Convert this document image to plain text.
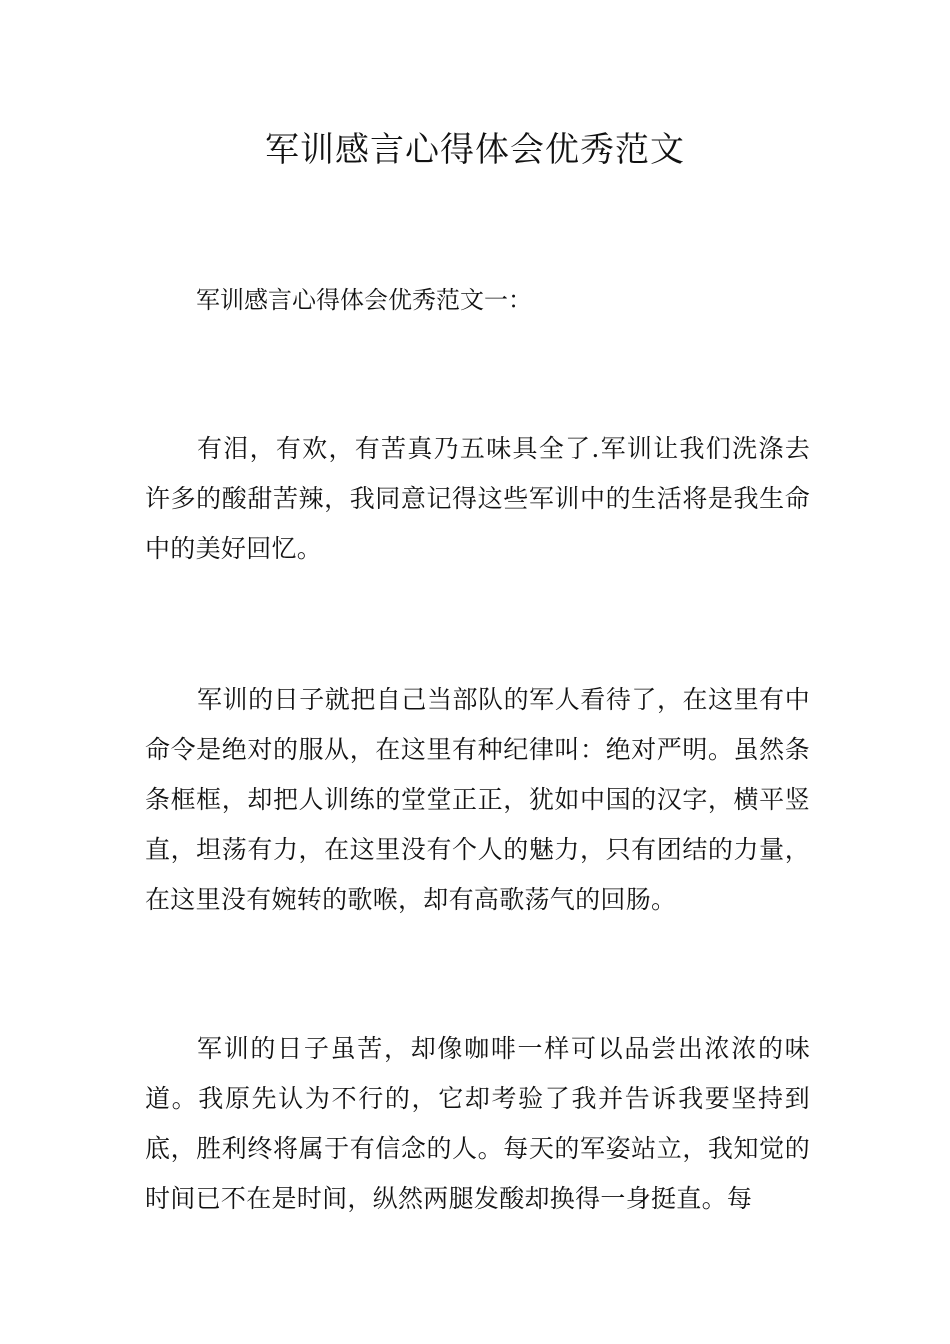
军训感言心得体会优秀范文

军训感言心得体会优秀范文一：

有泪，有欢，有苦真乃五味具全了.军训让我们洗涤去许多的酸甜苦辣，我同意记得这些军训中的生活将是我生命中的美好回忆。

军训的日子就把自己当部队的军人看待了，在这里有中命令是绝对的服从，在这里有种纪律叫：绝对严明。虽然条条框框，却把人训练的堂堂正正，犹如中国的汉字，横平竖直，坦荡有力，在这里没有个人的魅力，只有团结的力量，在这里没有婉转的歌喉，却有高歌荡气的回肠。

军训的日子虽苦，却像咖啡一样可以品尝出浓浓的味道。我原先认为不行的，它却考验了我并告诉我要坚持到底，胜利终将属于有信念的人。每天的军姿站立，我知觉的时间已不在是时间，纵然两腿发酸却换得一身挺直。每
